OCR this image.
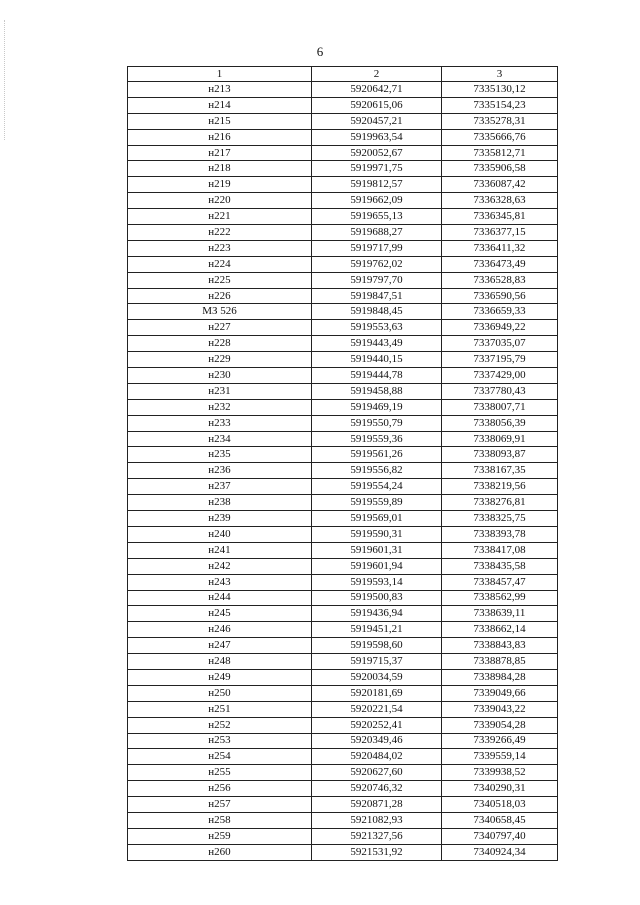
6
1	2	3
н213	5920642,71	7335130,12
н214	5920615,06	7335154,23
н215	5920457,21	7335278,31
н216	5919963,54	7335666,76
н217	5920052,67	7335812,71
н218	5919971,75	7335906,58
н219	5919812,57	7336087,42
н220	5919662,09	7336328,63
н221	5919655,13	7336345,81
н222	5919688,27	7336377,15
н223	5919717,99	7336411,32
н224	5919762,02	7336473,49
н225	5919797,70	7336528,83
н226	5919847,51	7336590,56
МЗ 526	5919848,45	7336659,33
н227	5919553,63	7336949,22
н228	5919443,49	7337035,07
н229	5919440,15	7337195,79
н230	5919444,78	7337429,00
н231	5919458,88	7337780,43
н232	5919469,19	7338007,71
н233	5919550,79	7338056,39
н234	5919559,36	7338069,91
н235	5919561,26	7338093,87
н236	5919556,82	7338167,35
н237	5919554,24	7338219,56
н238	5919559,89	7338276,81
н239	5919569,01	7338325,75
н240	5919590,31	7338393,78
н241	5919601,31	7338417,08
н242	5919601,94	7338435,58
н243	5919593,14	7338457,47
н244	5919500,83	7338562,99
н245	5919436,94	7338639,11
н246	5919451,21	7338662,14
н247	5919598,60	7338843,83
н248	5919715,37	7338878,85
н249	5920034,59	7338984,28
н250	5920181,69	7339049,66
н251	5920221,54	7339043,22
н252	5920252,41	7339054,28
н253	5920349,46	7339266,49
н254	5920484,02	7339559,14
н255	5920627,60	7339938,52
н256	5920746,32	7340290,31
н257	5920871,28	7340518,03
н258	5921082,93	7340658,45
н259	5921327,56	7340797,40
н260	5921531,92	7340924,34
